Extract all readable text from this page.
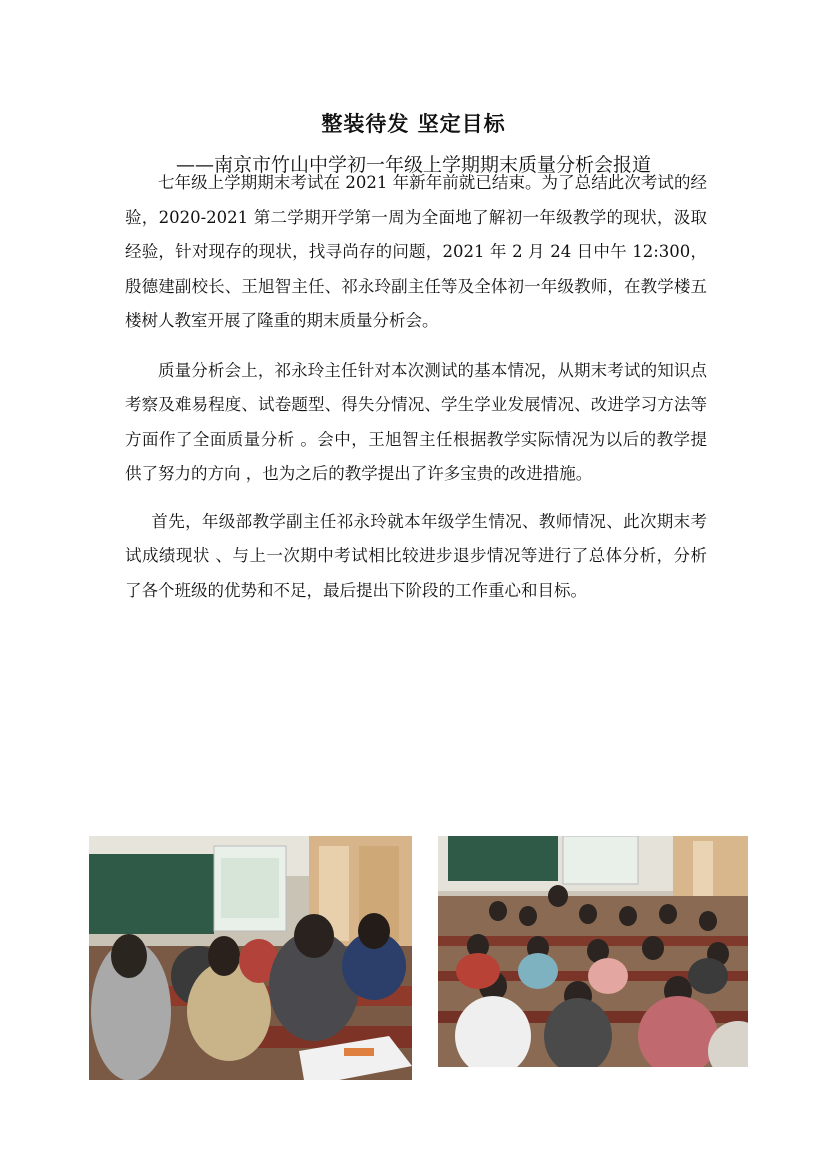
整装待发 坚定目标
——南京市竹山中学初一年级上学期期末质量分析会报道

七年级上学期期末考试在 2021 年新年前就已结束。为了总结此次考试的经验，2020-2021 第二学期开学第一周为全面地了解初一年级教学的现状，汲取经验，针对现存的现状，找寻尚存的问题，2021 年 2 月 24 日中午 12:300，殷德建副校长、王旭智主任、祁永玲副主任等及全体初一年级教师，在教学楼五楼树人教室开展了隆重的期末质量分析会。

质量分析会上，祁永玲主任针对本次测试的基本情况，从期末考试的知识点考察及难易程度、试卷题型、得失分情况、学生学业发展情况、改进学习方法等方面作了全面质量分析 。会中，王旭智主任根据教学实际情况为以后的教学提供了努力的方向 ，也为之后的教学提出了许多宝贵的改进措施。

首先，年级部教学副主任祁永玲就本年级学生情况、教师情况、此次期末考试成绩现状 、与上一次期中考试相比较进步退步情况等进行了总体分析，分析了各个班级的优势和不足，最后提出下阶段的工作重心和目标。
